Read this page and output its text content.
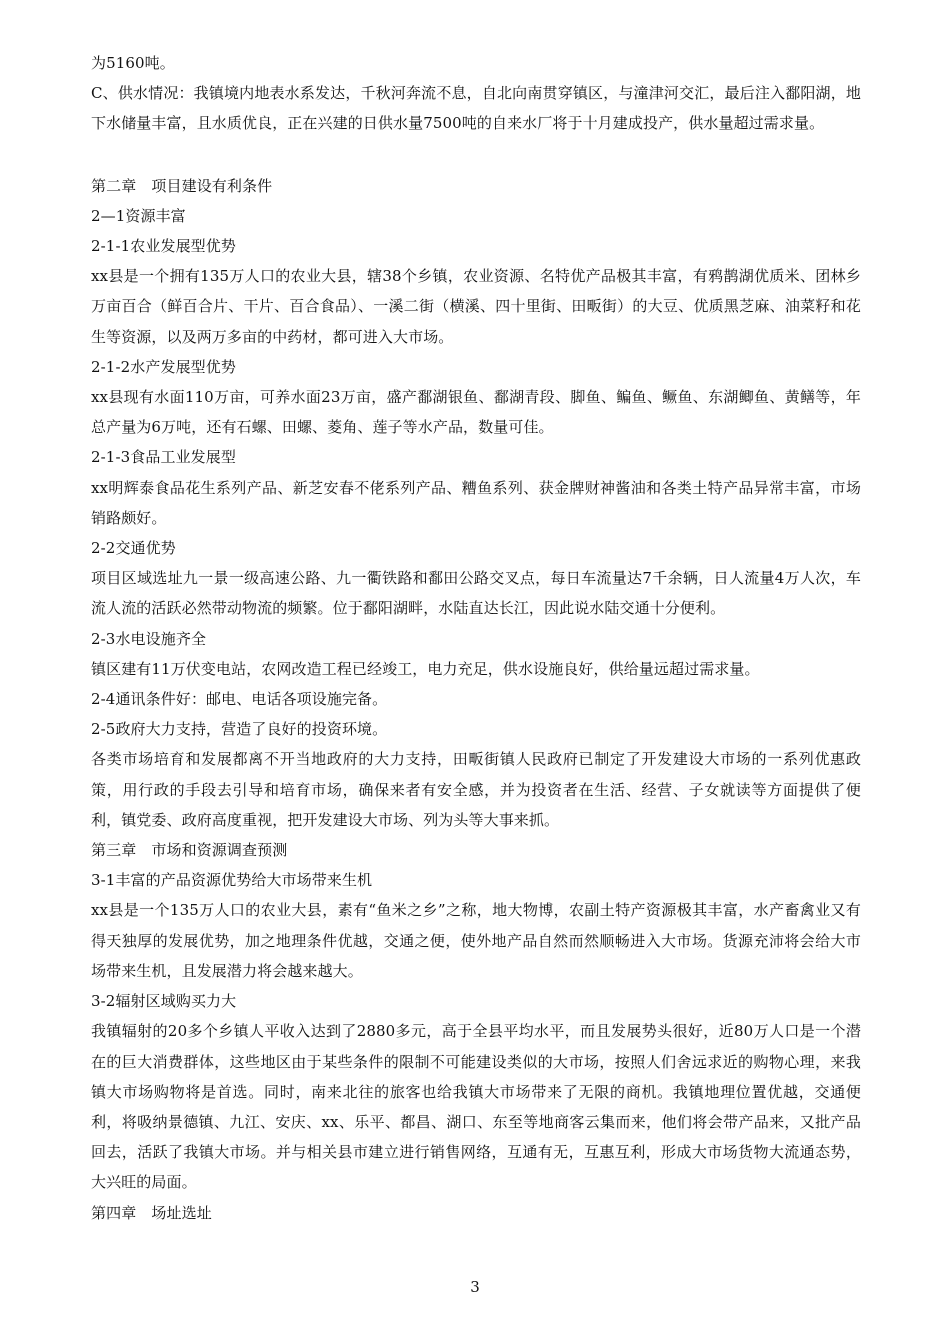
为5160吨。

C、供水情况：我镇境内地表水系发达，千秋河奔流不息，自北向南贯穿镇区，与潼津河交汇，最后注入鄱阳湖，地下水储量丰富，且水质优良，正在兴建的日供水量7500吨的自来水厂将于十月建成投产，供水量超过需求量。

第二章　项目建设有利条件

2—1资源丰富

2-1-1农业发展型优势

xx县是一个拥有135万人口的农业大县，辖38个乡镇，农业资源、名特优产品极其丰富，有鸦鹊湖优质米、团林乡万亩百合（鲜百合片、干片、百合食品）、一溪二街（横溪、四十里街、田畈街）的大豆、优质黑芝麻、油菜籽和花生等资源，以及两万多亩的中药材，都可进入大市场。

2-1-2水产发展型优势

xx县现有水面110万亩，可养水面23万亩，盛产鄱湖银鱼、鄱湖青段、脚鱼、鳊鱼、鳜鱼、东湖鲫鱼、黄鳝等，年总产量为6万吨，还有石螺、田螺、菱角、莲子等水产品，数量可佳。

2-1-3食品工业发展型

xx明辉泰食品花生系列产品、新芝安春不佬系列产品、糟鱼系列、获金牌财神酱油和各类土特产品异常丰富，市场销路颇好。

2-2交通优势

项目区域选址九一景一级高速公路、九一衢铁路和鄱田公路交叉点，每日车流量达7千余辆，日人流量4万人次，车流人流的活跃必然带动物流的频繁。位于鄱阳湖畔，水陆直达长江，因此说水陆交通十分便利。

2-3水电设施齐全

镇区建有11万伏变电站，农网改造工程已经竣工，电力充足，供水设施良好，供给量远超过需求量。

2-4通讯条件好：邮电、电话各项设施完备。

2-5政府大力支持，营造了良好的投资环境。

各类市场培育和发展都离不开当地政府的大力支持，田畈街镇人民政府已制定了开发建设大市场的一系列优惠政策，用行政的手段去引导和培育市场，确保来者有安全感，并为投资者在生活、经营、子女就读等方面提供了便利，镇党委、政府高度重视，把开发建设大市场、列为头等大事来抓。

第三章　市场和资源调查预测

3-1丰富的产品资源优势给大市场带来生机

xx县是一个135万人口的农业大县，素有“鱼米之乡”之称，地大物博，农副土特产资源极其丰富，水产畜禽业又有得天独厚的发展优势，加之地理条件优越，交通之便，使外地产品自然而然顺畅进入大市场。货源充沛将会给大市场带来生机，且发展潜力将会越来越大。

3-2辐射区域购买力大

我镇辐射的20多个乡镇人平收入达到了2880多元，高于全县平均水平，而且发展势头很好，近80万人口是一个潜在的巨大消费群体，这些地区由于某些条件的限制不可能建设类似的大市场，按照人们舍远求近的购物心理，来我镇大市场购物将是首选。同时，南来北往的旅客也给我镇大市场带来了无限的商机。我镇地理位置优越，交通便利，将吸纳景德镇、九江、安庆、xx、乐平、都昌、湖口、东至等地商客云集而来，他们将会带产品来，又批产品回去，活跃了我镇大市场。并与相关县市建立进行销售网络，互通有无，互惠互利，形成大市场货物大流通态势，大兴旺的局面。

第四章　场址选址

3
